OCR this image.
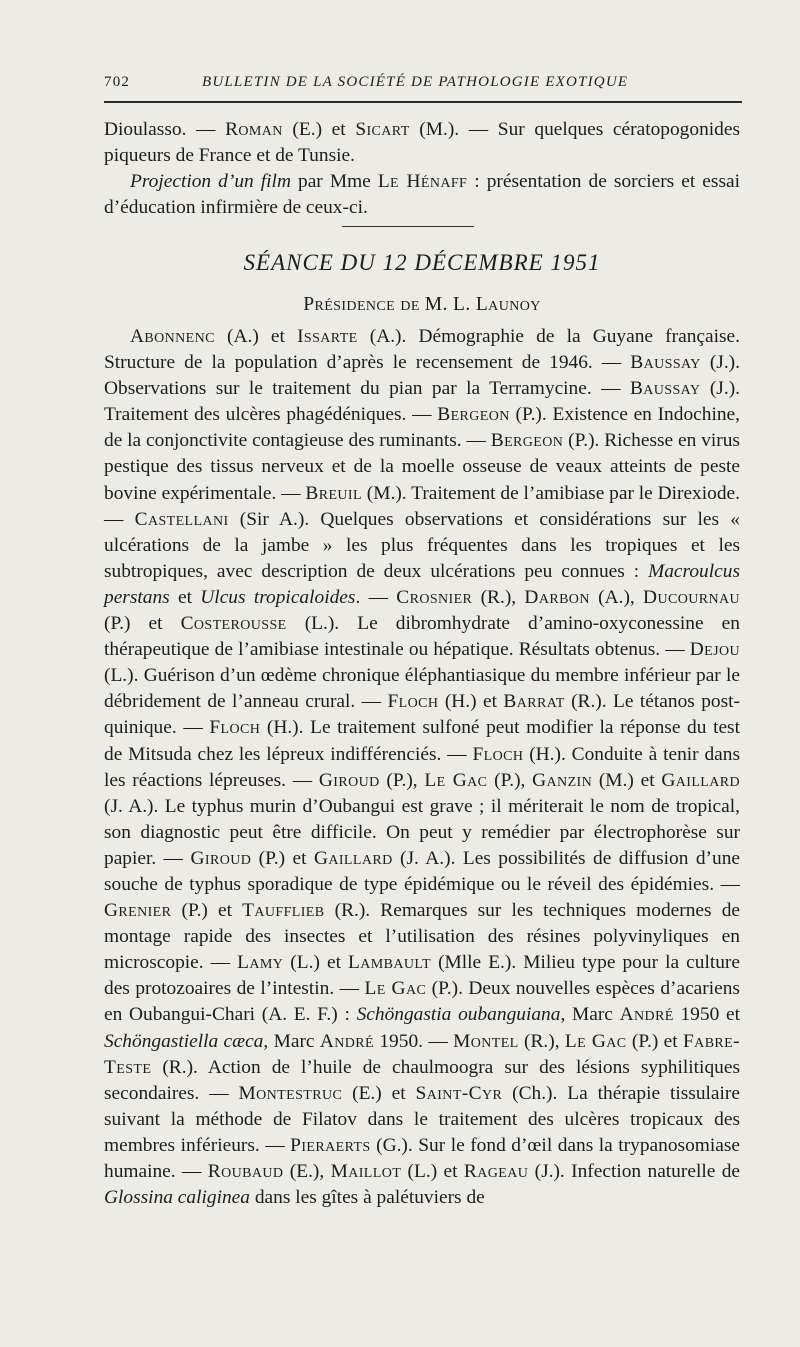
702	BULLETIN DE LA SOCIÉTÉ DE PATHOLOGIE EXOTIQUE

Dioulasso. — Roman (E.) et Sicart (M.). — Sur quelques cératopogonides piqueurs de France et de Tunsie.

Projection d’un film par Mme Le Hénaff : présentation de sorciers et essai d’éducation infirmière de ceux-ci.

SÉANCE DU 12 DÉCEMBRE 1951
Présidence de M. L. Launoy

Abonnenc (A.) et Issarte (A.). Démographie de la Guyane française. Structure de la population d’après le recensement de 1946. — Baussay (J.). Observations sur le traitement du pian par la Terramycine. — Baussay (J.). Traitement des ulcères phagédéniques. — Bergeon (P.). Existence en Indochine, de la conjonctivite contagieuse des ruminants. — Bergeon (P.). Richesse en virus pestique des tissus nerveux et de la moelle osseuse de veaux atteints de peste bovine expérimentale. — Breuil (M.). Traitement de l’amibiase par le Direxiode. — Castellani (Sir A.). Quelques observations et considérations sur les « ulcérations de la jambe » les plus fréquentes dans les tropiques et les subtropiques, avec description de deux ulcérations peu connues : Macroulcus perstans et Ulcus tropicaloides. — Crosnier (R.), Darbon (A.), Ducournau (P.) et Costerousse (L.). Le dibromhydrate d’amino-oxyconessine en thérapeutique de l’amibiase intestinale ou hépatique. Résultats obtenus. — Dejou (L.). Guérison d’un œdème chronique éléphantiasique du membre inférieur par le débridement de l’anneau crural. — Floch (H.) et Barrat (R.). Le tétanos post-quinique. — Floch (H.). Le traitement sulfoné peut modifier la réponse du test de Mitsuda chez les lépreux indifférenciés. — Floch (H.). Conduite à tenir dans les réactions lépreuses. — Giroud (P.), Le Gac (P.), Ganzin (M.) et Gaillard (J. A.). Le typhus murin d’Oubangui est grave ; il mériterait le nom de tropical, son diagnostic peut être difficile. On peut y remédier par électrophorèse sur papier. — Giroud (P.) et Gaillard (J. A.). Les possibilités de diffusion d’une souche de typhus sporadique de type épidémique ou le réveil des épidémies. — Grenier (P.) et Taufflieb (R.). Remarques sur les techniques modernes de montage rapide des insectes et l’utilisation des résines polyvinyliques en microscopie. — Lamy (L.) et Lambault (Mlle E.). Milieu type pour la culture des protozoaires de l’intestin. — Le Gac (P.). Deux nouvelles espèces d’acariens en Oubangui-Chari (A. E. F.) : Schöngastia oubanguiana, Marc André 1950 et Schöngastiella cæca, Marc André 1950. — Montel (R.), Le Gac (P.) et Fabre-Teste (R.). Action de l’huile de chaulmoogra sur des lésions syphilitiques secondaires. — Montestruc (E.) et Saint-Cyr (Ch.). La thérapie tissulaire suivant la méthode de Filatov dans le traitement des ulcères tropicaux des membres inférieurs. — Pieraerts (G.). Sur le fond d’œil dans la trypanosomiase humaine. — Roubaud (E.), Maillot (L.) et Rageau (J.). Infection naturelle de Glossina caliginea dans les gîtes à palétuviers de
